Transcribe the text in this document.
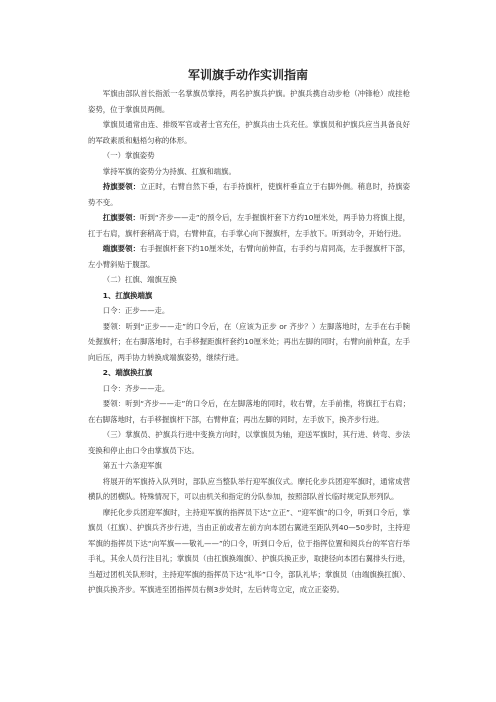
军训旗手动作实训指南

军旗由部队首长指派一名掌旗员掌持，两名护旗兵护旗。护旗兵携自动步枪（冲锋枪）成挂枪姿势，位于掌旗员两侧。

掌旗员通常由连、排级军官或者士官充任，护旗兵由士兵充任。掌旗员和护旗兵应当具备良好的军政素质和魁梧匀称的体形。

（一）掌旗姿势

掌持军旗的姿势分为持旗、扛旗和端旗。

持旗要领：立正时，右臂自然下垂，右手持旗杆，使旗杆垂直立于右脚外侧。稍息时，持旗姿势不变。

扛旗要领：听到“齐步——走”的预令后，左手握旗杆套下方约10厘米处，两手协力将旗上提，扛于右肩，旗杆套稍高于肩，右臂伸直，右手掌心向下握旗杆，左手放下。听到动令，开始行进。

端旗要领：右手握旗杆套下约10厘米处，右臂向前伸直，右手约与肩同高，左手握旗杆下部，左小臂斜贴于腹部。

（二）扛旗、端旗互换

1、扛旗换端旗

口令：正步——走。

要领：听到“正步——走”的口令后，在（应该为正步 or 齐步？）左脚落地时，左手在右手腕处握旗杆；在右脚落地时，右手移握距旗杆套约10厘米处；再出左脚的同时，右臂向前伸直，左手向后压，两手协力转换成端旗姿势，继续行进。

2、端旗换扛旗

口令：齐步——走。

要领：听到“齐步——走”的口令后，在左脚落地的同时，收右臂，左手前推，将旗扛于右肩；在右脚落地时，右手移握旗杆下部，右臂伸直；再出左脚的同时，左手放下，换齐步行进。

（三）掌旗员、护旗兵行进中变换方向时，以掌旗员为轴，迎送军旗时，其行进、转弯、步法变换和停止由口令由掌旗员下达。

第五十六条迎军旗

将展开的军旗持入队列时，部队应当整队举行迎军旗仪式。摩托化步兵团迎军旗时，通常成营横队的团横队。特殊情况下，可以由机关和指定的分队参加，按照部队首长临时规定队形列队。

摩托化步兵团迎军旗时，主持迎军旗的指挥员下达“立正”、“迎军旗”的口令，听到口令后，掌旗员（扛旗）、护旗兵齐步行进，当由正前或者左前方向本团右翼进至距队列40—50步时，主持迎军旗的指挥员下达“向军旗——敬礼——”的口令，听到口令后，位于指挥位置和阅兵台的军官行举手礼，其余人员行注目礼；掌旗员（由扛旗换端旗）、护旗兵换正步，取捷径向本团右翼排头行进，当超过团机关队形时，主持迎军旗的指挥员下达“礼毕”口令，部队礼毕；掌旗员（由端旗换扛旗）、护旗兵换齐步。军旗进至团指挥员右侧3步处时，左后转弯立定，成立正姿势。
